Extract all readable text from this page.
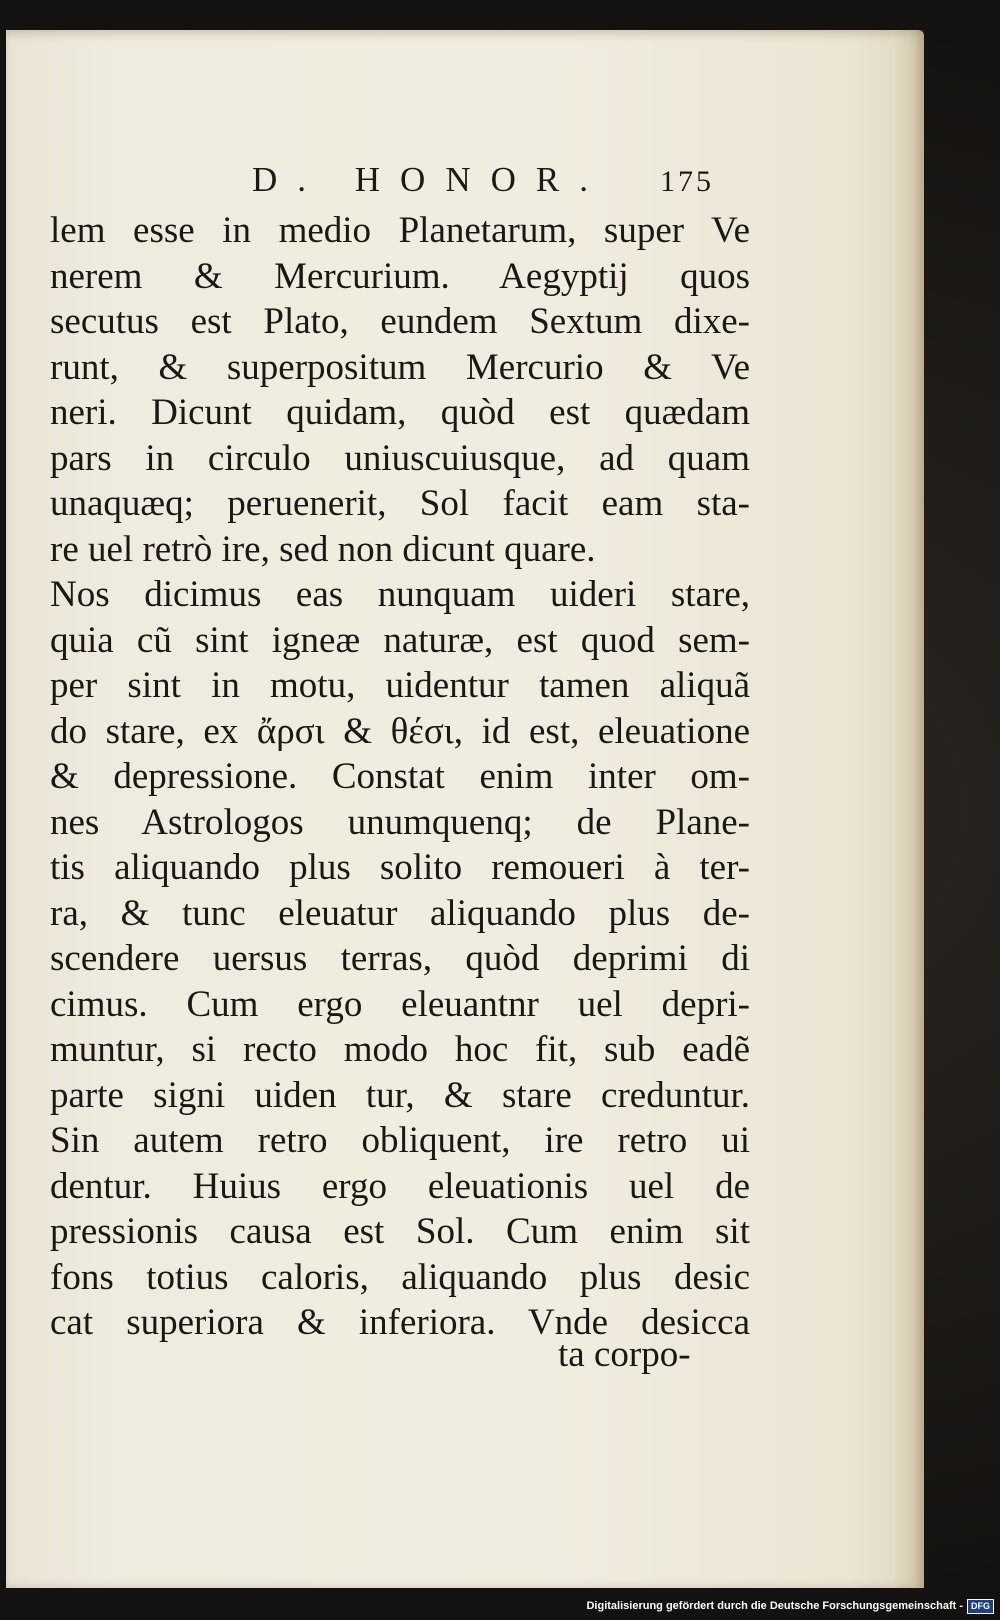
D. HONOR. 175
lem esse in medio Planetarum, super Ve
nerem & Mercurium. Aegyptij quos
secutus est Plato, eundem Sextum dixe-
runt, & superpositum Mercurio & Ve
neri. Dicunt quidam, quòd est quædam
pars in circulo uniuscuiusque, ad quam
unaquæq; peruenerit, Sol facit eam sta-
re uel retrò ire, sed non dicunt quare.
Nos dicimus eas nunquam uideri stare,
quia cũ sint igneæ naturæ, est quod sem-
per sint in motu, uidentur tamen aliquã
do stare, ex ἄρσι & θέσι, id est, eleuatione
& depressione. Constat enim inter om-
nes Astrologos unumquenq; de Plane-
tis aliquando plus solito remoueri à ter-
ra, & tunc eleuatur aliquando plus de-
scendere uersus terras, quòd deprimi di
cimus. Cum ergo eleuantnr uel depri-
muntur, si recto modo hoc fit, sub eadẽ
parte signi uiden tur, & stare creduntur.
Sin autem retro obliquent, ire retro ui
dentur. Huius ergo eleuationis uel de
pressionis causa est Sol. Cum enim sit
fons totius caloris, aliquando plus desic
cat superiora & inferiora. Vnde desicca
ta corpo-
Digitalisierung gefördert durch die Deutsche Forschungsgemeinschaft - DFG
